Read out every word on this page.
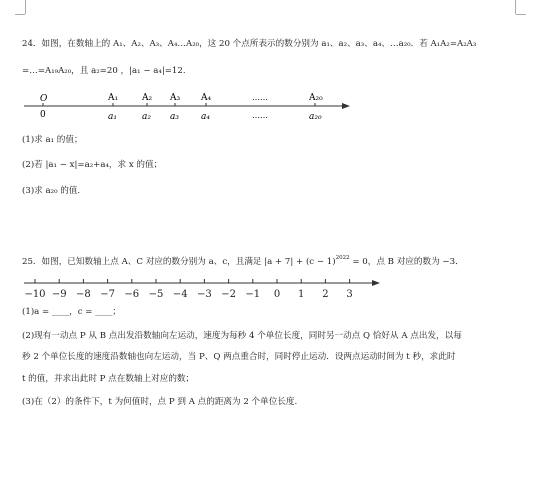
24．如图，在数轴上的 A₁、A₂、A₃、A₄…A₂₀，这 20 个点所表示的数分别为 a₁、a₂、a₃、a₄、…a₂₀．若 A₁A₂=A₂A₃
=…=A₁₉A₂₀，且 a₂=20 ，|a₁ − a₄|=12.
O	A₁	A₂ A₃ A₄	……	A₂₀
0	a₁	a₂ a₃ a₄	……	a₂₀
−10 −9 −8 −7 −6 −5 −4 −3 −2 −1 0 1 2 3
(1)求 a₁ 的值；
(2)若 |a₁ − x|=a₂+a₄，求 x 的值；
(3)求 a₂₀ 的值.
25．如图，已知数轴上点 A、C 对应的数分别为 a、c，且满足 $|a + 7| + (c - 1)^{2022} = 0$，点 B 对应的数为 −3．
(1)a = ____，c = ____；
(2)现有一动点 P 从 B 点出发沿数轴向左运动，速度为每秒 4 个单位长度，同时另一动点 Q 恰好从 A 点出发，以每
秒 2 个单位长度的速度沿数轴也向左运动，当 P、Q 两点重合时，同时停止运动．设两点运动时间为 t 秒，求此时
t 的值，并求出此时 P 点在数轴上对应的数；
(3)在（2）的条件下，t 为何值时，点 P 到 A 点的距离为 2 个单位长度.
